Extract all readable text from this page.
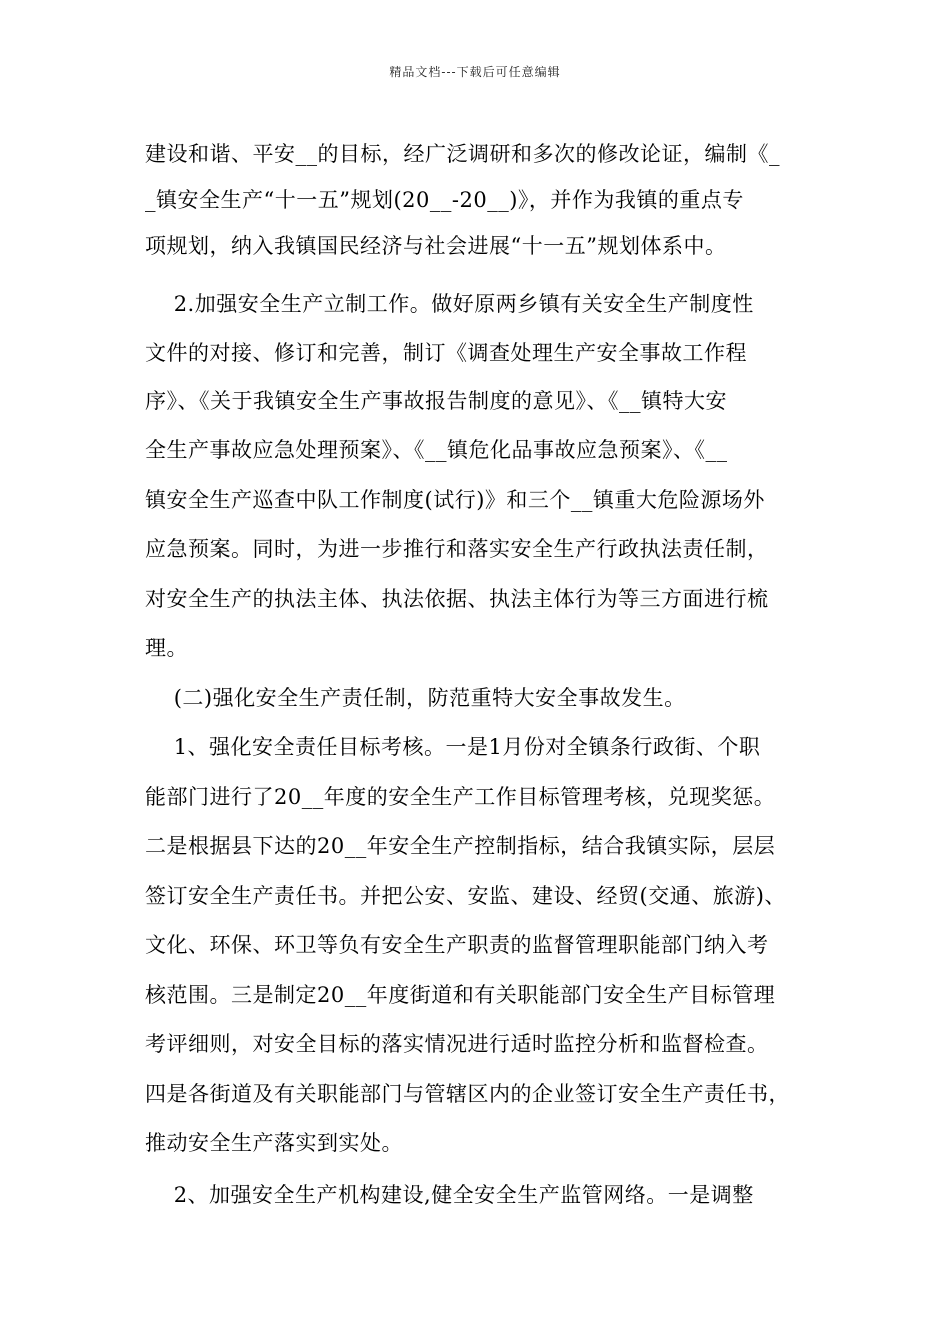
精品文档---下载后可任意编辑
建设和谐、平安__的目标，经广泛调研和多次的修改论证，编制《_
_镇安全生产“十一五”规划(20__-20__)》，并作为我镇的重点专
项规划，纳入我镇国民经济与社会进展“十一五”规划体系中。
2.加强安全生产立制工作。做好原两乡镇有关安全生产制度性
文件的对接、修订和完善，制订《调查处理生产安全事故工作程
序》、《关于我镇安全生产事故报告制度的意见》、《__镇特大安
全生产事故应急处理预案》、《__镇危化品事故应急预案》、《__
镇安全生产巡查中队工作制度(试行)》和三个__镇重大危险源场外
应急预案。同时，为进一步推行和落实安全生产行政执法责任制，
对安全生产的执法主体、执法依据、执法主体行为等三方面进行梳
理。
(二)强化安全生产责任制，防范重特大安全事故发生。
1、强化安全责任目标考核。一是1月份对全镇条行政街、个职
能部门进行了20__年度的安全生产工作目标管理考核，兑现奖惩。
二是根据县下达的20__年安全生产控制指标，结合我镇实际，层层
签订安全生产责任书。并把公安、安监、建设、经贸(交通、旅游)、
文化、环保、环卫等负有安全生产职责的监督管理职能部门纳入考
核范围。三是制定20__年度街道和有关职能部门安全生产目标管理
考评细则，对安全目标的落实情况进行适时监控分析和监督检查。
四是各街道及有关职能部门与管辖区内的企业签订安全生产责任书，
推动安全生产落实到实处。
2、加强安全生产机构建设,健全安全生产监管网络。一是调整
